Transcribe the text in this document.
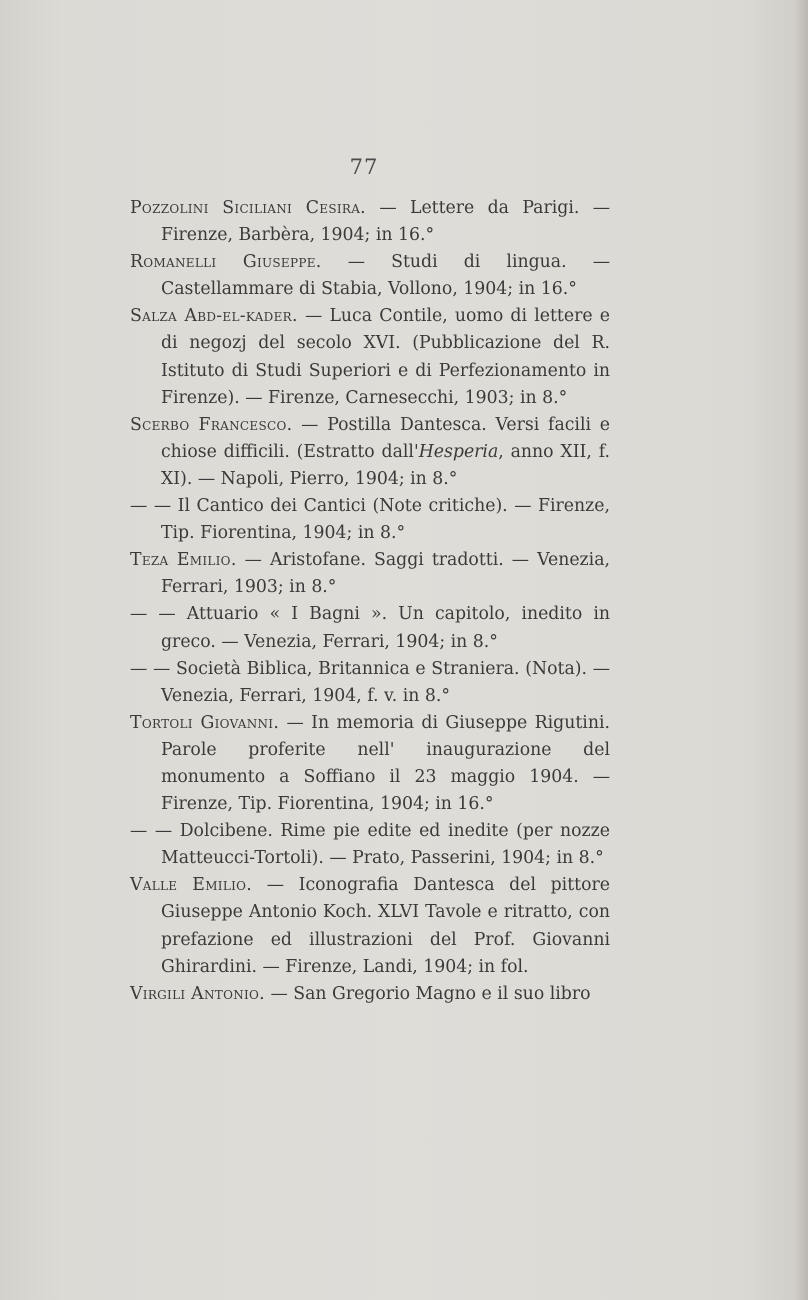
77

Pozzolini Siciliani Cesira. — Lettere da Parigi. — Firenze, Barbèra, 1904; in 16.°

Romanelli Giuseppe. — Studi di lingua. — Castellammare di Stabia, Vollono, 1904; in 16.°

Salza Abd-el-kader. — Luca Contile, uomo di lettere e di negozj del secolo XVI. (Pubblicazione del R. Istituto di Studi Superiori e di Perfezionamento in Firenze). — Firenze, Carnesecchi, 1903; in 8.°

Scerbo Francesco. — Postilla Dantesca. Versi facili e chiose difficili. (Estratto dall'Hesperia, anno XII, f. XI). — Napoli, Pierro, 1904; in 8.°

— — Il Cantico dei Cantici (Note critiche). — Firenze, Tip. Fiorentina, 1904; in 8.°

Teza Emilio. — Aristofane. Saggi tradotti. — Venezia, Ferrari, 1903; in 8.°

— — Attuario « I Bagni ». Un capitolo, inedito in greco. — Venezia, Ferrari, 1904; in 8.°

— — Società Biblica, Britannica e Straniera. (Nota). — Venezia, Ferrari, 1904, f. v. in 8.°

Tortoli Giovanni. — In memoria di Giuseppe Rigutini. Parole proferite nell' inaugurazione del monumento a Soffiano il 23 maggio 1904. — Firenze, Tip. Fiorentina, 1904; in 16.°

— — Dolcibene. Rime pie edite ed inedite (per nozze Matteucci-Tortoli). — Prato, Passerini, 1904; in 8.°

Valle Emilio. — Iconografia Dantesca del pittore Giuseppe Antonio Koch. XLVI Tavole e ritratto, con prefazione ed illustrazioni del Prof. Giovanni Ghirardini. — Firenze, Landi, 1904; in fol.

Virgili Antonio. — San Gregorio Magno e il suo libro
